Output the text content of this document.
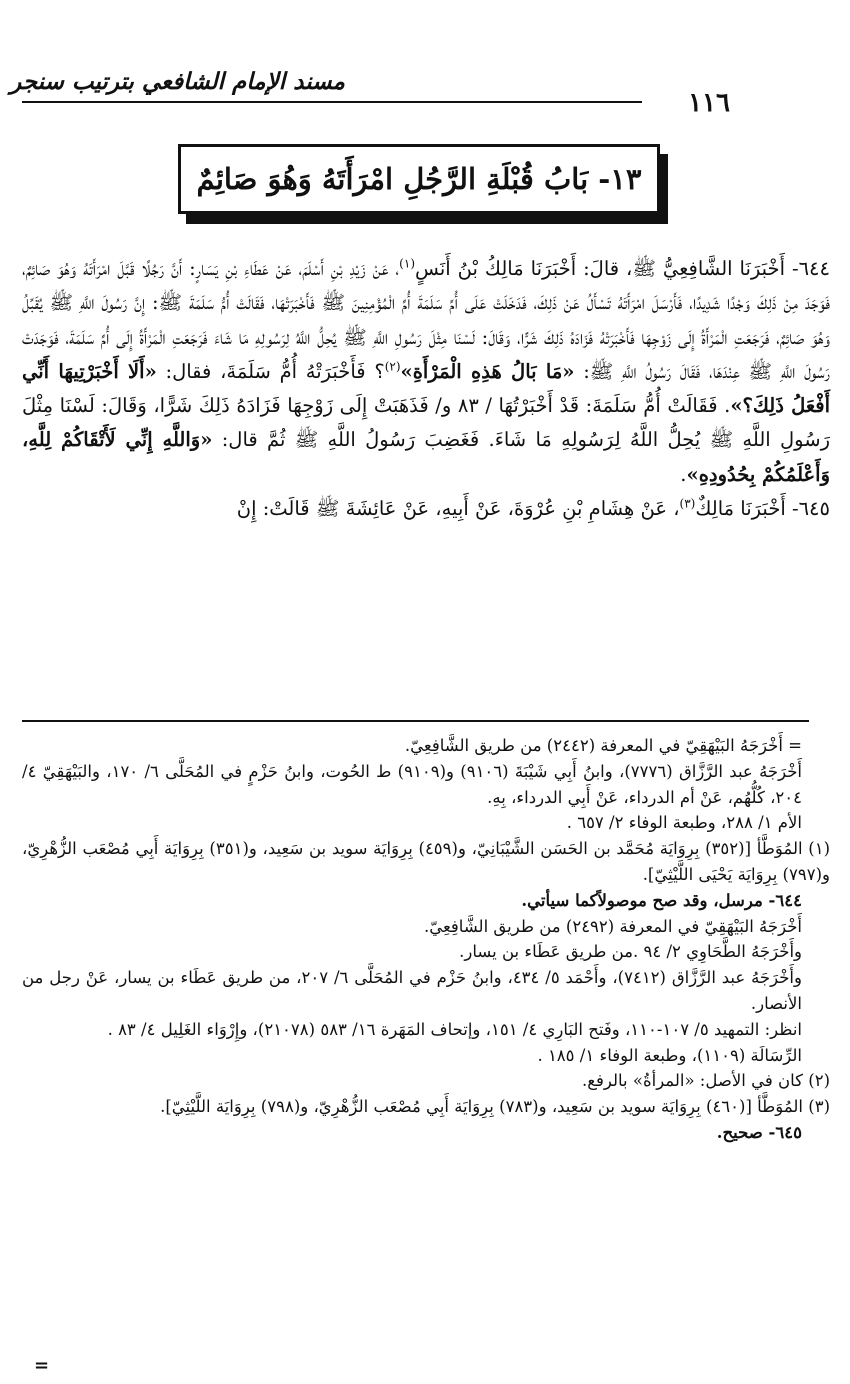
مسند الإمام الشافعي بترتيب سنجر
١١٦
١٣- بَابُ قُبْلَةِ الرَّجُلِ امْرَأَتَهُ وَهُوَ صَائِمٌ

٦٤٤- أَخْبَرَنَا الشَّافِعِيُّ ﷺ، قالَ: أَخْبَرَنَا مَالِكُ بْنُ أَنَسٍ$^{(١)}$، عَنْ زَيْدِ بْنِ أَسْلَمَ، عَنْ عَطَاءِ بْنِ يَسَارٍ: أَنَّ رَجُلًا قَبَّلَ امْرَأَتَهُ وَهُوَ صَائِمٌ، فَوَجَدَ مِنْ ذَلِكَ وَجْدًا شَدِيدًا، فَأَرْسَلَ امْرَأَتَهُ تَسْأَلُ عَنْ ذَلِكَ، فَدَخَلَتْ عَلَى أُمِّ سَلَمَةَ أُمِّ الْمُؤْمِنِينَ ﷺ فَأَخْبَرَتْهَا، فَقَالَتْ أُمُّ سَلَمَةَ ﷺ: إِنَّ رَسُولَ اللَّهِ ﷺ يُقَبِّلُ وَهُوَ صَائِمٌ، فَرَجَعَتِ الْمَرْأَةُ إِلَى زَوْجِهَا فَأَخْبَرَتْهُ فَزَادَهُ ذَلِكَ شَرًّا، وَقَالَ: لَسْنَا مِثْلَ رَسُولِ اللَّهِ ﷺ يُحِلُّ اللَّهُ لِرَسُولِهِ مَا شَاءَ فَرَجَعَتِ الْمَرْأَةُ إِلَى أُمِّ سَلَمَةَ، فَوَجَدَتْ رَسُولَ اللَّهِ ﷺ عِنْدَهَا، فَقَالَ رَسُولُ اللَّهِ ﷺ: «مَا بَالُ هَذِهِ الْمَرْأَةِ»$^{(٢)}$؟ فَأَخْبَرَتْهُ أُمُّ سَلَمَةَ، فقال: «أَلَا أَخْبَرْتِيهَا أَنِّي أَفْعَلُ ذَلِكَ؟». فَقَالَتْ أُمُّ سَلَمَةَ: قَدْ أَخْبَرْتُهَا / ٨٣ و/ فَذَهَبَتْ إِلَى زَوْجِهَا فَزَادَهُ ذَلِكَ شَرًّا، وَقَالَ: لَسْنَا مِثْلَ رَسُولِ اللَّهِ ﷺ يُحِلُّ اللَّهُ لِرَسُولِهِ مَا شَاءَ. فَغَضِبَ رَسُولُ اللَّهِ ﷺ ثُمَّ قال: «وَاللَّهِ إِنِّي لَأَتْقَاكُمْ لِلَّهِ، وَأَعْلَمُكُمْ بِحُدُودِهِ».

٦٤٥- أَخْبَرَنَا مَالِكٌ$^{(٣)}$، عَنْ هِشَامِ بْنِ عُرْوَةَ، عَنْ أَبِيهِ، عَنْ عَائِشَةَ ﷺ قَالَتْ: إِنْ

= أَخْرَجَهُ البَيْهَقِيّ في المعرفة (٢٤٤٢) من طريق الشَّافِعِيّ.

أَخْرَجَهُ عبد الرَّزَّاق (٧٧٧٦)، وابنُ أَبِي شَيْبَةَ (٩١٠٦) و(٩١٠٩) ط الحُوت، وابنُ حَزْمٍ في المُحَلَّى ٦/ ١٧٠، والبَيْهَقِيّ ٤/ ٢٠٤، كُلُّهُم، عَنْ أم الدرداء، عَنْ أَبِي الدرداء، بِهِ.

الأم ١/ ٢٨٨، وطبعة الوفاء ٢/ ٦٥٧ .

(١) المُوَطَّأ [(٣٥٢) بِرِوَايَة مُحَمَّد بن الحَسَن الشَّيْبَانِيّ، و(٤٥٩) بِرِوَايَة سويد بن سَعِيد، و(٣٥١) بِرِوَايَة أَبِي مُصْعَب الزُّهْرِيّ، و(٧٩٧) بِرِوَايَة يَحْيَى اللَّيْثِيّ].

٦٤٤- مرسل، وقد صح موصولاًكما سيأتي.

أَخْرَجَهُ البَيْهَقِيّ في المعرفة (٢٤٩٢) من طريق الشَّافِعِيّ.

وأَخْرَجَهُ الطَّحَاوِي ٢/ ٩٤ .من طريق عَطَاء بن يسار.

وأَخْرَجَهُ عبد الرَّزَّاق (٧٤١٢)، وأَحْمَد ٥/ ٤٣٤، وابنُ حَزْم في المُحَلَّى ٦/ ٢٠٧، من طريق عَطَاء بن يسار، عَنْ رجل من الأنصار.

انظر: التمهيد ٥/ ١٠٧-١١٠، وفَتح البَارِي ٤/ ١٥١، وإتحاف المَهَرة ١٦/ ٥٨٣ (٢١٠٧٨)، وإِرْوَاء الغَلِيل ٤/ ٨٣ .

الرِّسَالَة (١١٠٩)، وطبعة الوفاء ١/ ١٨٥ .

(٢) كان في الأصل: «المرأةُ» بالرفع.

(٣) المُوَطَّأ [(٤٦٠) بِرِوَايَة سويد بن سَعِيد، و(٧٨٣) بِرِوَايَة أَبِي مُصْعَب الزُّهْرِيّ، و(٧٩٨) بِرِوَايَة اللَّيْثِيّ].

٦٤٥- صحيح.

=
